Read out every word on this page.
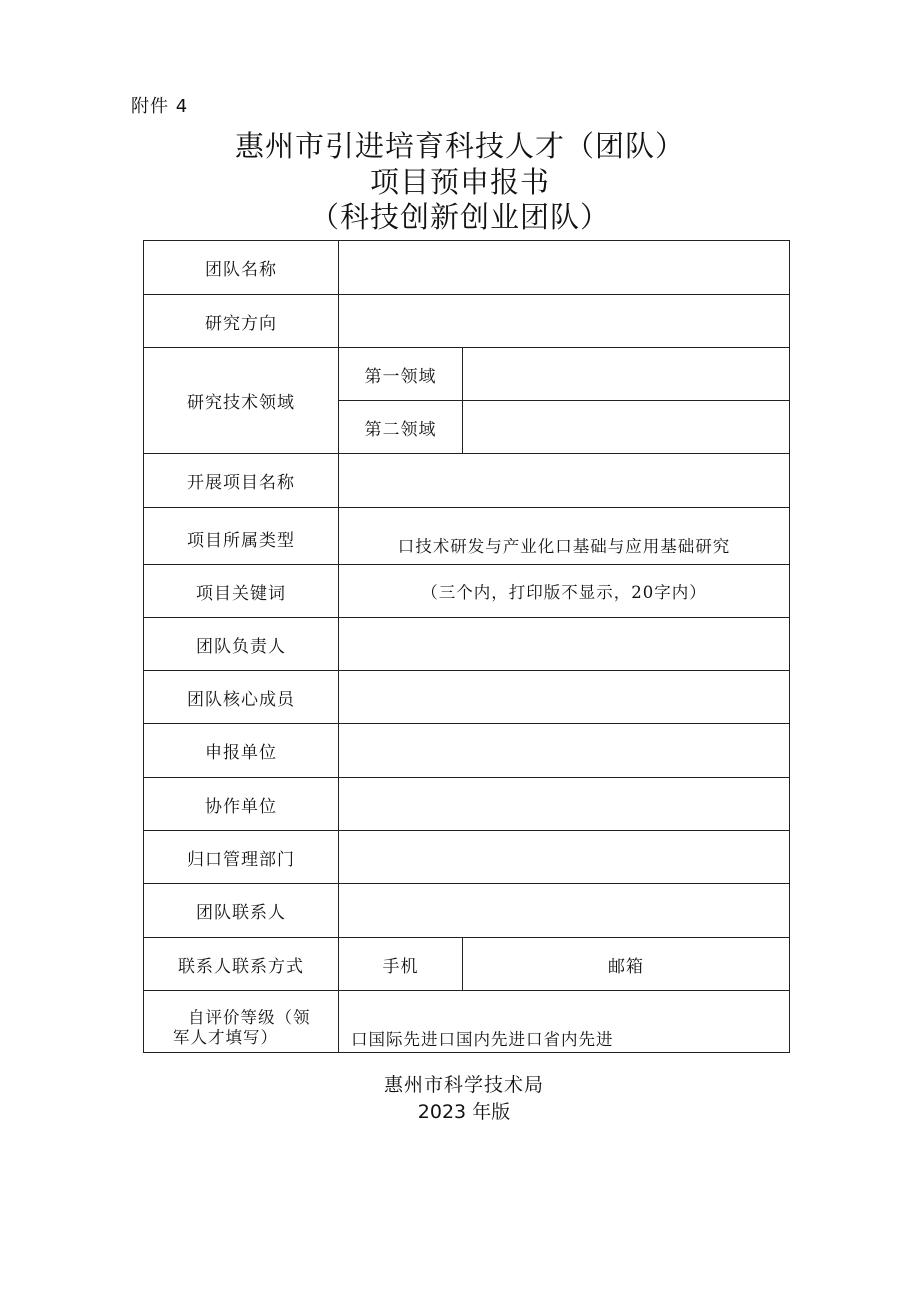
附件 4
惠州市引进培育科技人才（团队）
项目预申报书
（科技创新创业团队）
团队名称		
研究方向		
研究技术领域	第一领域	
	第二领域	
开展项目名称		
项目所属类型	口技术研发与产业化口基础与应用基础研究	

项目关键词	（三个内，打印版不显示，20字内）	
团队负责人		
团队核心成员		
申报单位		
协作单位		
归口管理部门		
团队联系人		
联系人联系方式	手机	邮箱

自评价等级（领
军人才填写）	口国际先进口国内先进口省内先进	
惠州市科学技术局
2023 年版
